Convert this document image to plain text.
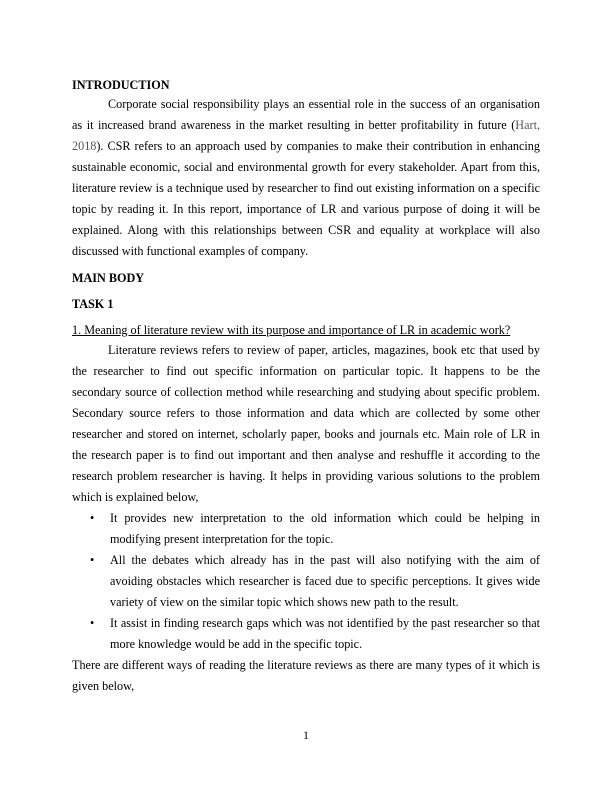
INTRODUCTION

Corporate social responsibility plays an essential role in the success of an organisation as it increased brand awareness in the market resulting in better profitability in future (Hart, 2018). CSR refers to an approach used by companies to make their contribution in enhancing sustainable economic, social and environmental growth for every stakeholder. Apart from this, literature review is a technique used by researcher to find out existing information on a specific topic by reading it. In this report, importance of LR and various purpose of doing it will be explained. Along with this relationships between CSR and equality at workplace will also discussed with functional examples of company.

MAIN BODY

TASK 1

1. Meaning of literature review with its purpose and importance of LR in academic work?

Literature reviews refers to review of paper, articles, magazines, book etc that used by the researcher to find out specific information on particular topic. It happens to be the secondary source of collection method while researching and studying about specific problem. Secondary source refers to those information and data which are collected by some other researcher and stored on internet, scholarly paper, books and journals etc. Main role of LR in the research paper is to find out important and then analyse and reshuffle it according to the research problem researcher is having. It helps in providing various solutions to the problem which is explained below,

• It provides new interpretation to the old information which could be helping in modifying present interpretation for the topic.
• All the debates which already has in the past will also notifying with the aim of avoiding obstacles which researcher is faced due to specific perceptions. It gives wide variety of view on the similar topic which shows new path to the result.
• It assist in finding research gaps which was not identified by the past researcher so that more knowledge would be add in the specific topic.

There are different ways of reading the literature reviews as there are many types of it which is given below,

1
